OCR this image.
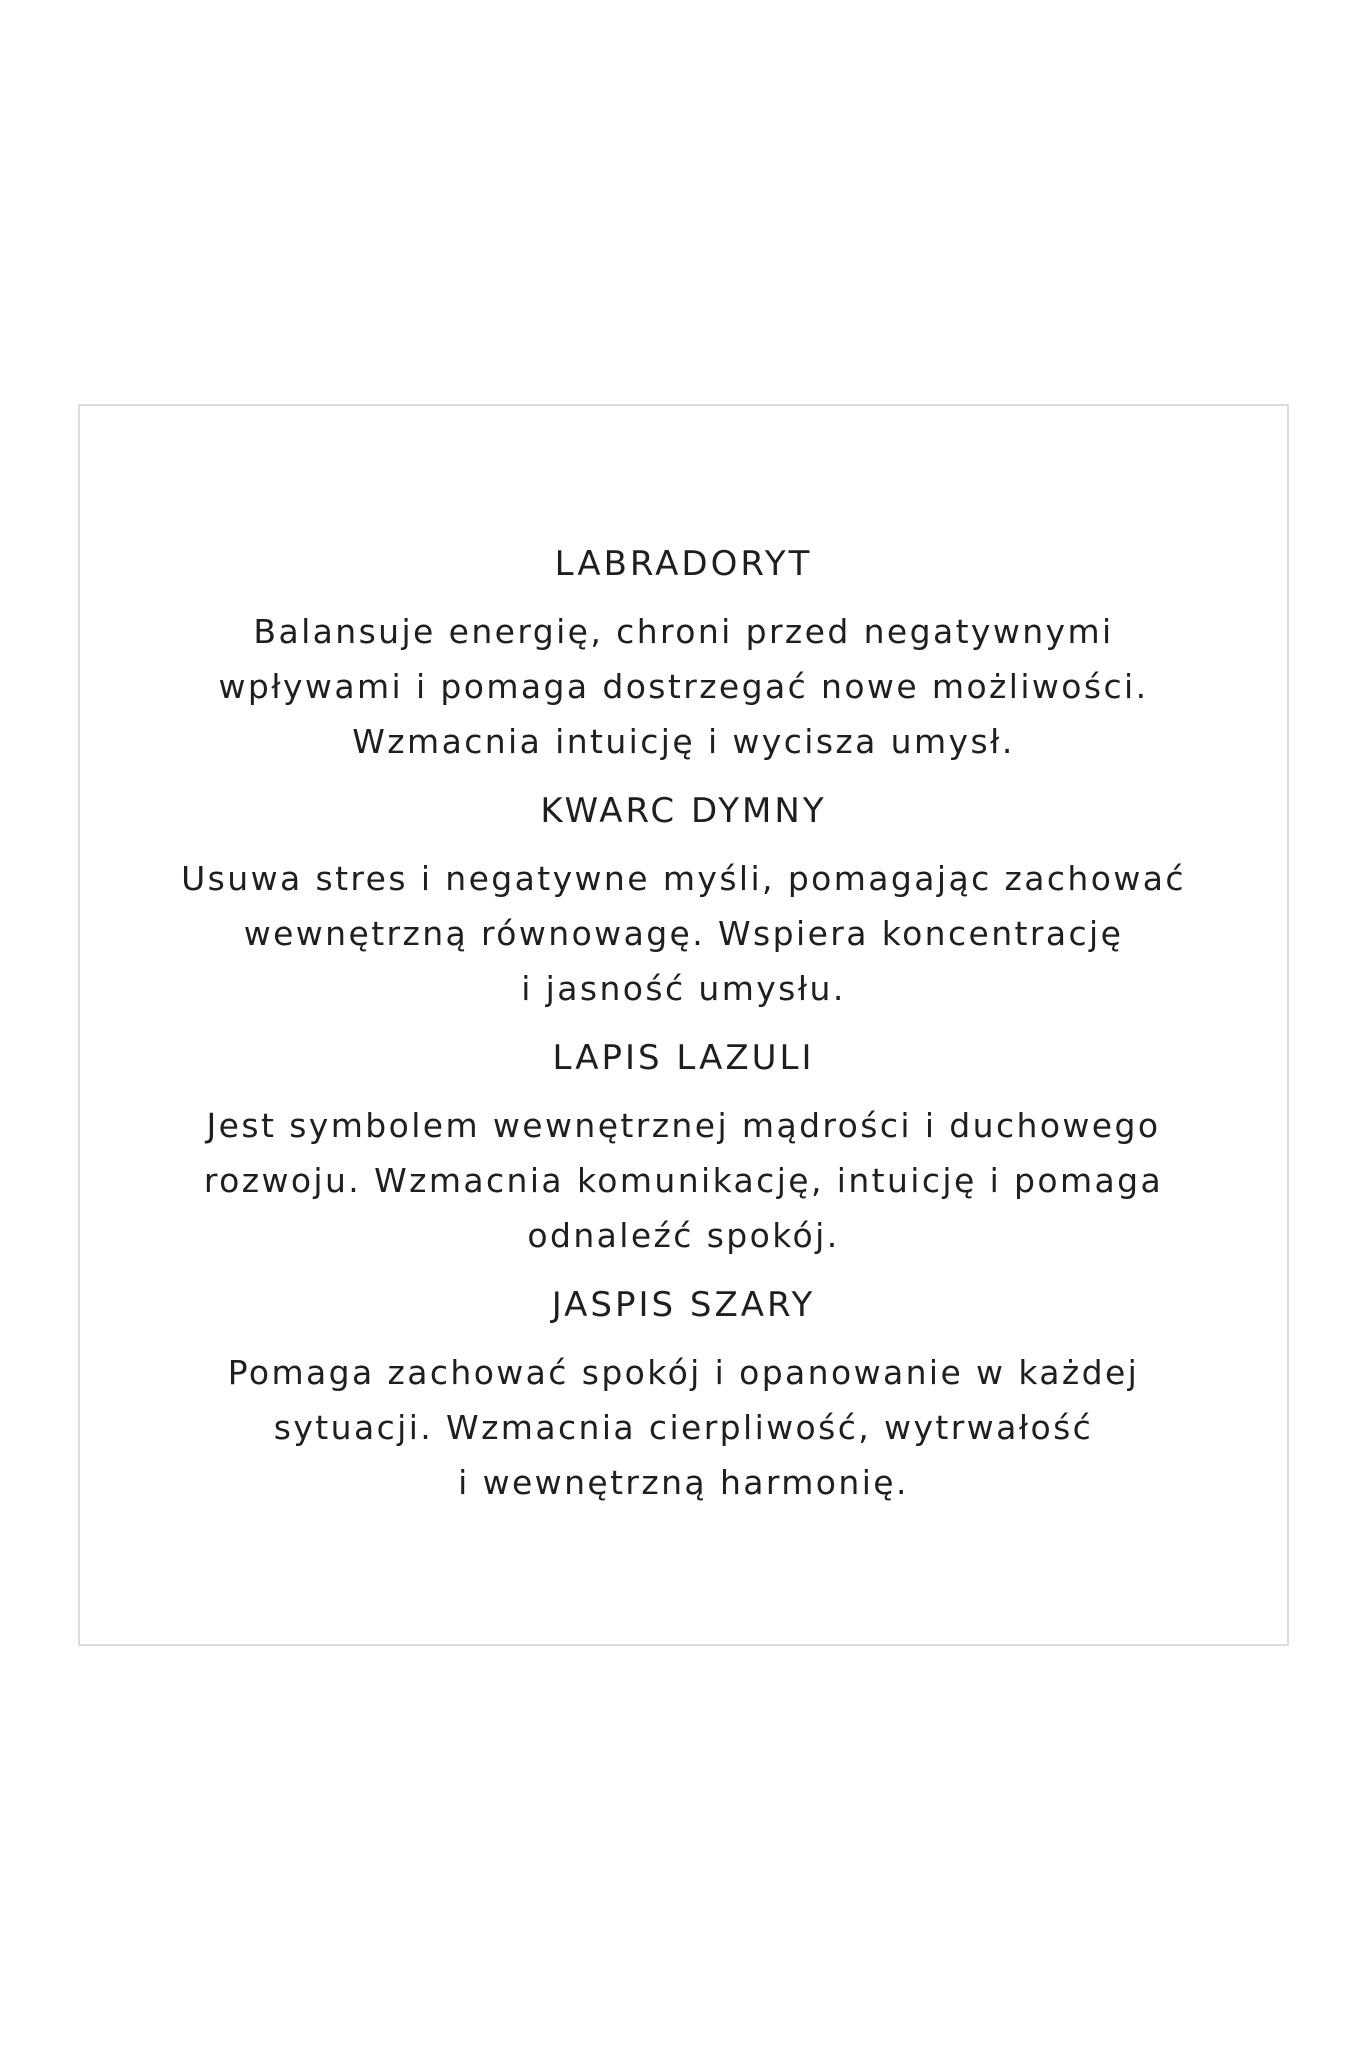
LABRADORYT

Balansuje energię, chroni przed negatywnymi
wpływami i pomaga dostrzegać nowe możliwości.
Wzmacnia intuicję i wycisza umysł.

KWARC DYMNY

Usuwa stres i negatywne myśli, pomagając zachować
wewnętrzną równowagę. Wspiera koncentrację
i jasność umysłu.

LAPIS LAZULI

Jest symbolem wewnętrznej mądrości i duchowego
rozwoju. Wzmacnia komunikację, intuicję i pomaga
odnaleźć spokój.

JASPIS SZARY

Pomaga zachować spokój i opanowanie w każdej
sytuacji. Wzmacnia cierpliwość, wytrwałość
i wewnętrzną harmonię.
